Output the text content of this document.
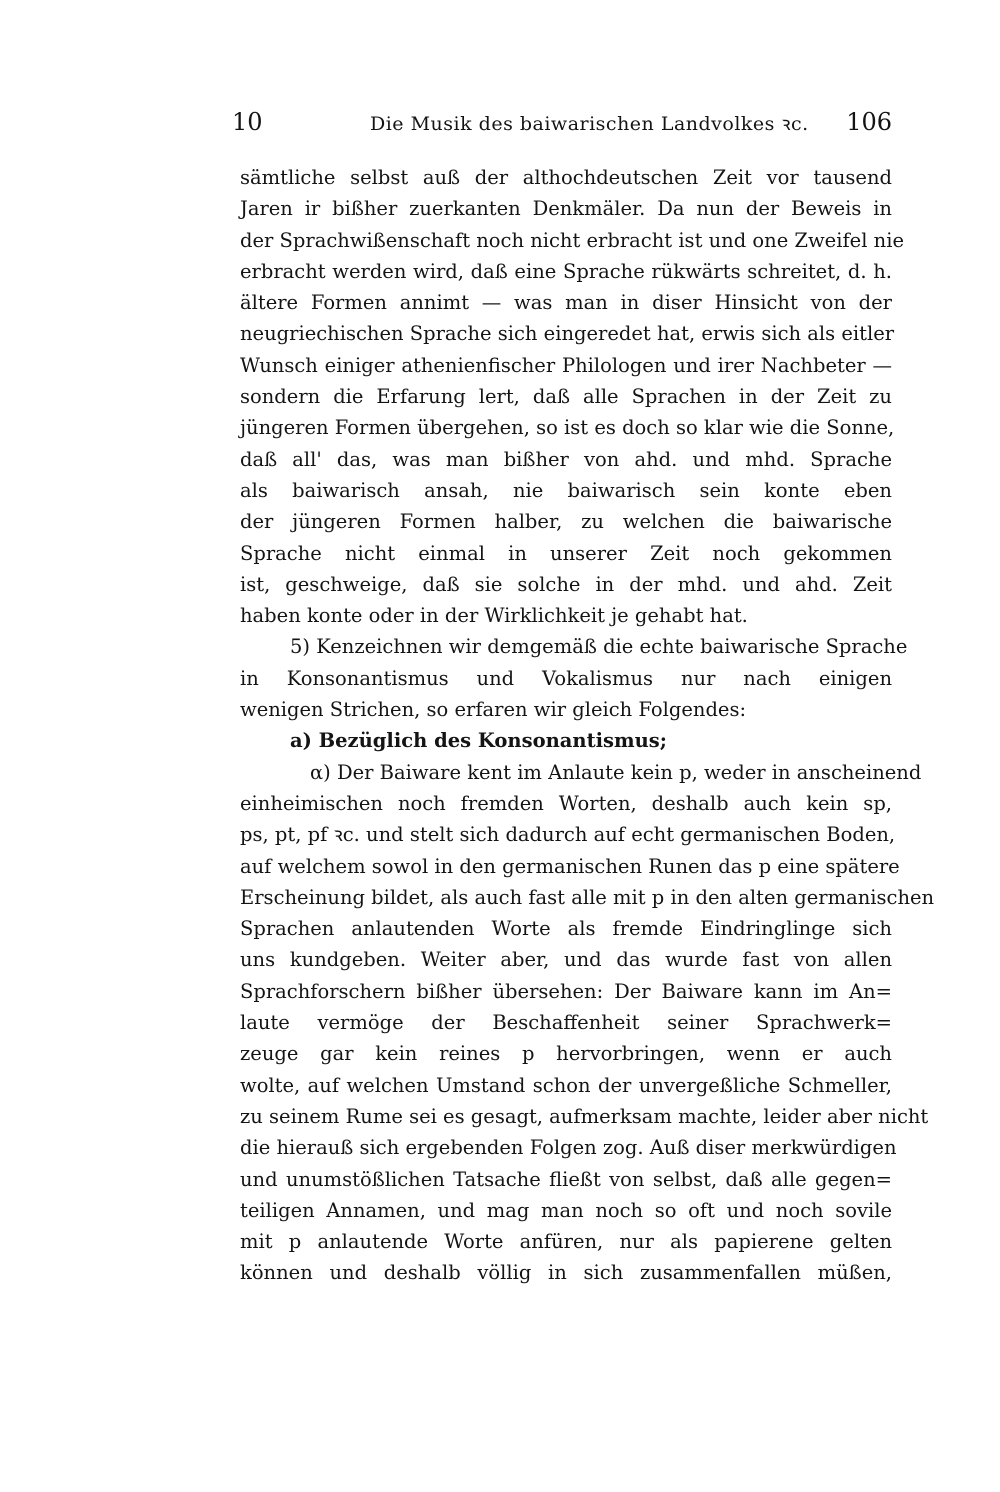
10	Die Musik des baiwarischen Landvolkes ꝛc. 106
sämtliche selbst auß der althochdeutschen Zeit vor tausend
Jaren ir bißher zuerkanten Denkmäler. Da nun der Beweis in
der Sprachwißenschaft noch nicht erbracht ist und one Zweifel nie
erbracht werden wird, daß eine Sprache rükwärts schreitet, d. h.
ältere Formen annimt — was man in diser Hinsicht von der
neugriechischen Sprache sich eingeredet hat, erwis sich als eitler
Wunsch einiger athenienfischer Philologen und irer Nachbeter —
sondern die Erfarung lert, daß alle Sprachen in der Zeit zu
jüngeren Formen übergehen, so ist es doch so klar wie die Sonne,
daß all' das, was man bißher von ahd. und mhd. Sprache
als baiwarisch ansah, nie baiwarisch sein konte eben
der jüngeren Formen halber, zu welchen die baiwarische
Sprache nicht einmal in unserer Zeit noch gekommen
ist, geschweige, daß sie solche in der mhd. und ahd. Zeit
haben konte oder in der Wirklichkeit je gehabt hat.
5) Kenzeichnen wir demgemäß die echte baiwarische Sprache
in Konsonantismus und Vokalismus nur nach einigen
wenigen Strichen, so erfaren wir gleich Folgendes:
a) Bezüglich des Konsonantismus;
α) Der Baiware kent im Anlaute kein p, weder in anscheinend
einheimischen noch fremden Worten, deshalb auch kein sp,
ps, pt, pf ꝛc. und stelt sich dadurch auf echt germanischen Boden,
auf welchem sowol in den germanischen Runen das p eine spätere
Erscheinung bildet, als auch fast alle mit p in den alten germanischen
Sprachen anlautenden Worte als fremde Eindringlinge sich
uns kundgeben. Weiter aber, und das wurde fast von allen
Sprachforschern bißher übersehen: Der Baiware kann im An=
laute vermöge der Beschaffenheit seiner Sprachwerk=
zeuge gar kein reines p hervorbringen, wenn er auch
wolte, auf welchen Umstand schon der unvergeßliche Schmeller,
zu seinem Rume sei es gesagt, aufmerksam machte, leider aber nicht
die hierauß sich ergebenden Folgen zog. Auß diser merkwürdigen
und unumstößlichen Tatsache fließt von selbst, daß alle gegen=
teiligen Annamen, und mag man noch so oft und noch sovile
mit p anlautende Worte anfüren, nur als papierene gelten
können und deshalb völlig in sich zusammenfallen müßen,
